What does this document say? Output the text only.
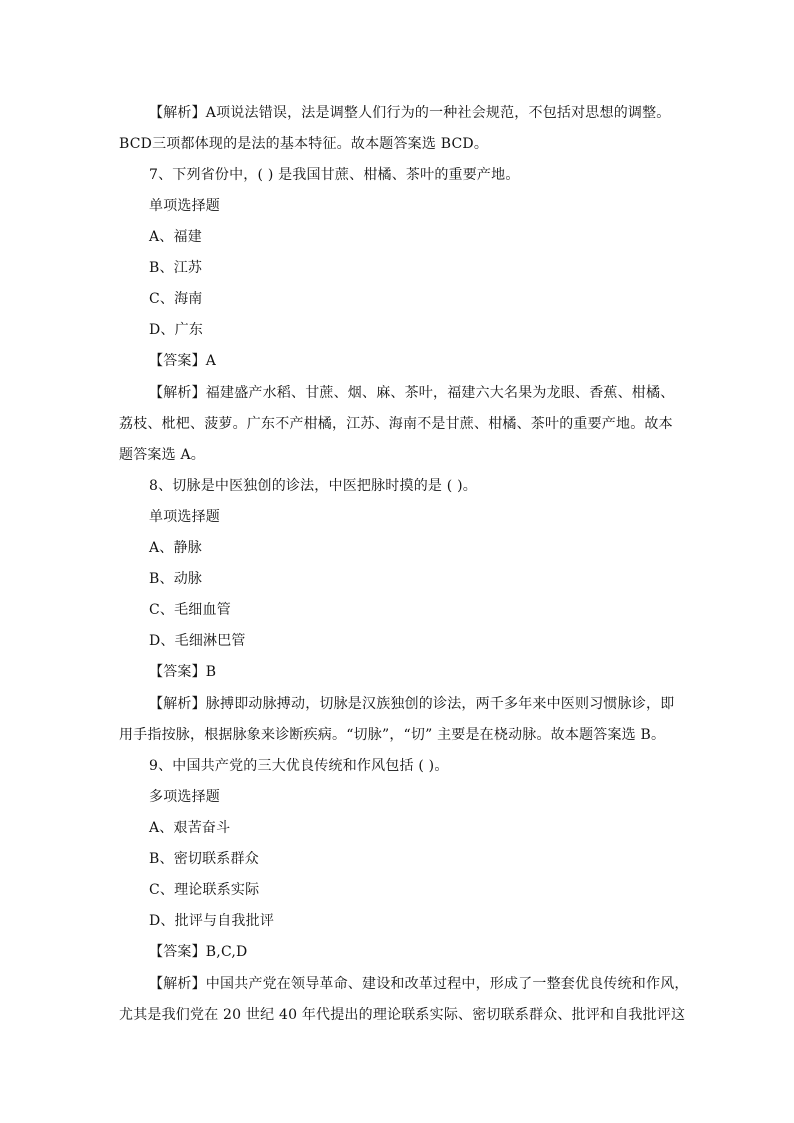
【解析】A项说法错误，法是调整人们行为的一种社会规范，不包括对思想的调整。
BCD三项都体现的是法的基本特征。故本题答案选 BCD。
7、下列省份中，( ) 是我国甘蔗、柑橘、茶叶的重要产地。
单项选择题
A、福建
B、江苏
C、海南
D、广东
【答案】A
【解析】福建盛产水稻、甘蔗、烟、麻、茶叶，福建六大名果为龙眼、香蕉、柑橘、
荔枝、枇杷、菠萝。广东不产柑橘，江苏、海南不是甘蔗、柑橘、茶叶的重要产地。故本
题答案选 A。
8、切脉是中医独创的诊法，中医把脉时摸的是 ( )。
单项选择题
A、静脉
B、动脉
C、毛细血管
D、毛细淋巴管
【答案】B
【解析】脉搏即动脉搏动，切脉是汉族独创的诊法，两千多年来中医则习惯脉诊，即
用手指按脉，根据脉象来诊断疾病。“切脉”，“切” 主要是在桡动脉。故本题答案选 B。
9、中国共产党的三大优良传统和作风包括 ( )。
多项选择题
A、艰苦奋斗
B、密切联系群众
C、理论联系实际
D、批评与自我批评
【答案】B,C,D
【解析】中国共产党在领导革命、建设和改革过程中，形成了一整套优良传统和作风，
尤其是我们党在 20 世纪 40 年代提出的理论联系实际、密切联系群众、批评和自我批评这
